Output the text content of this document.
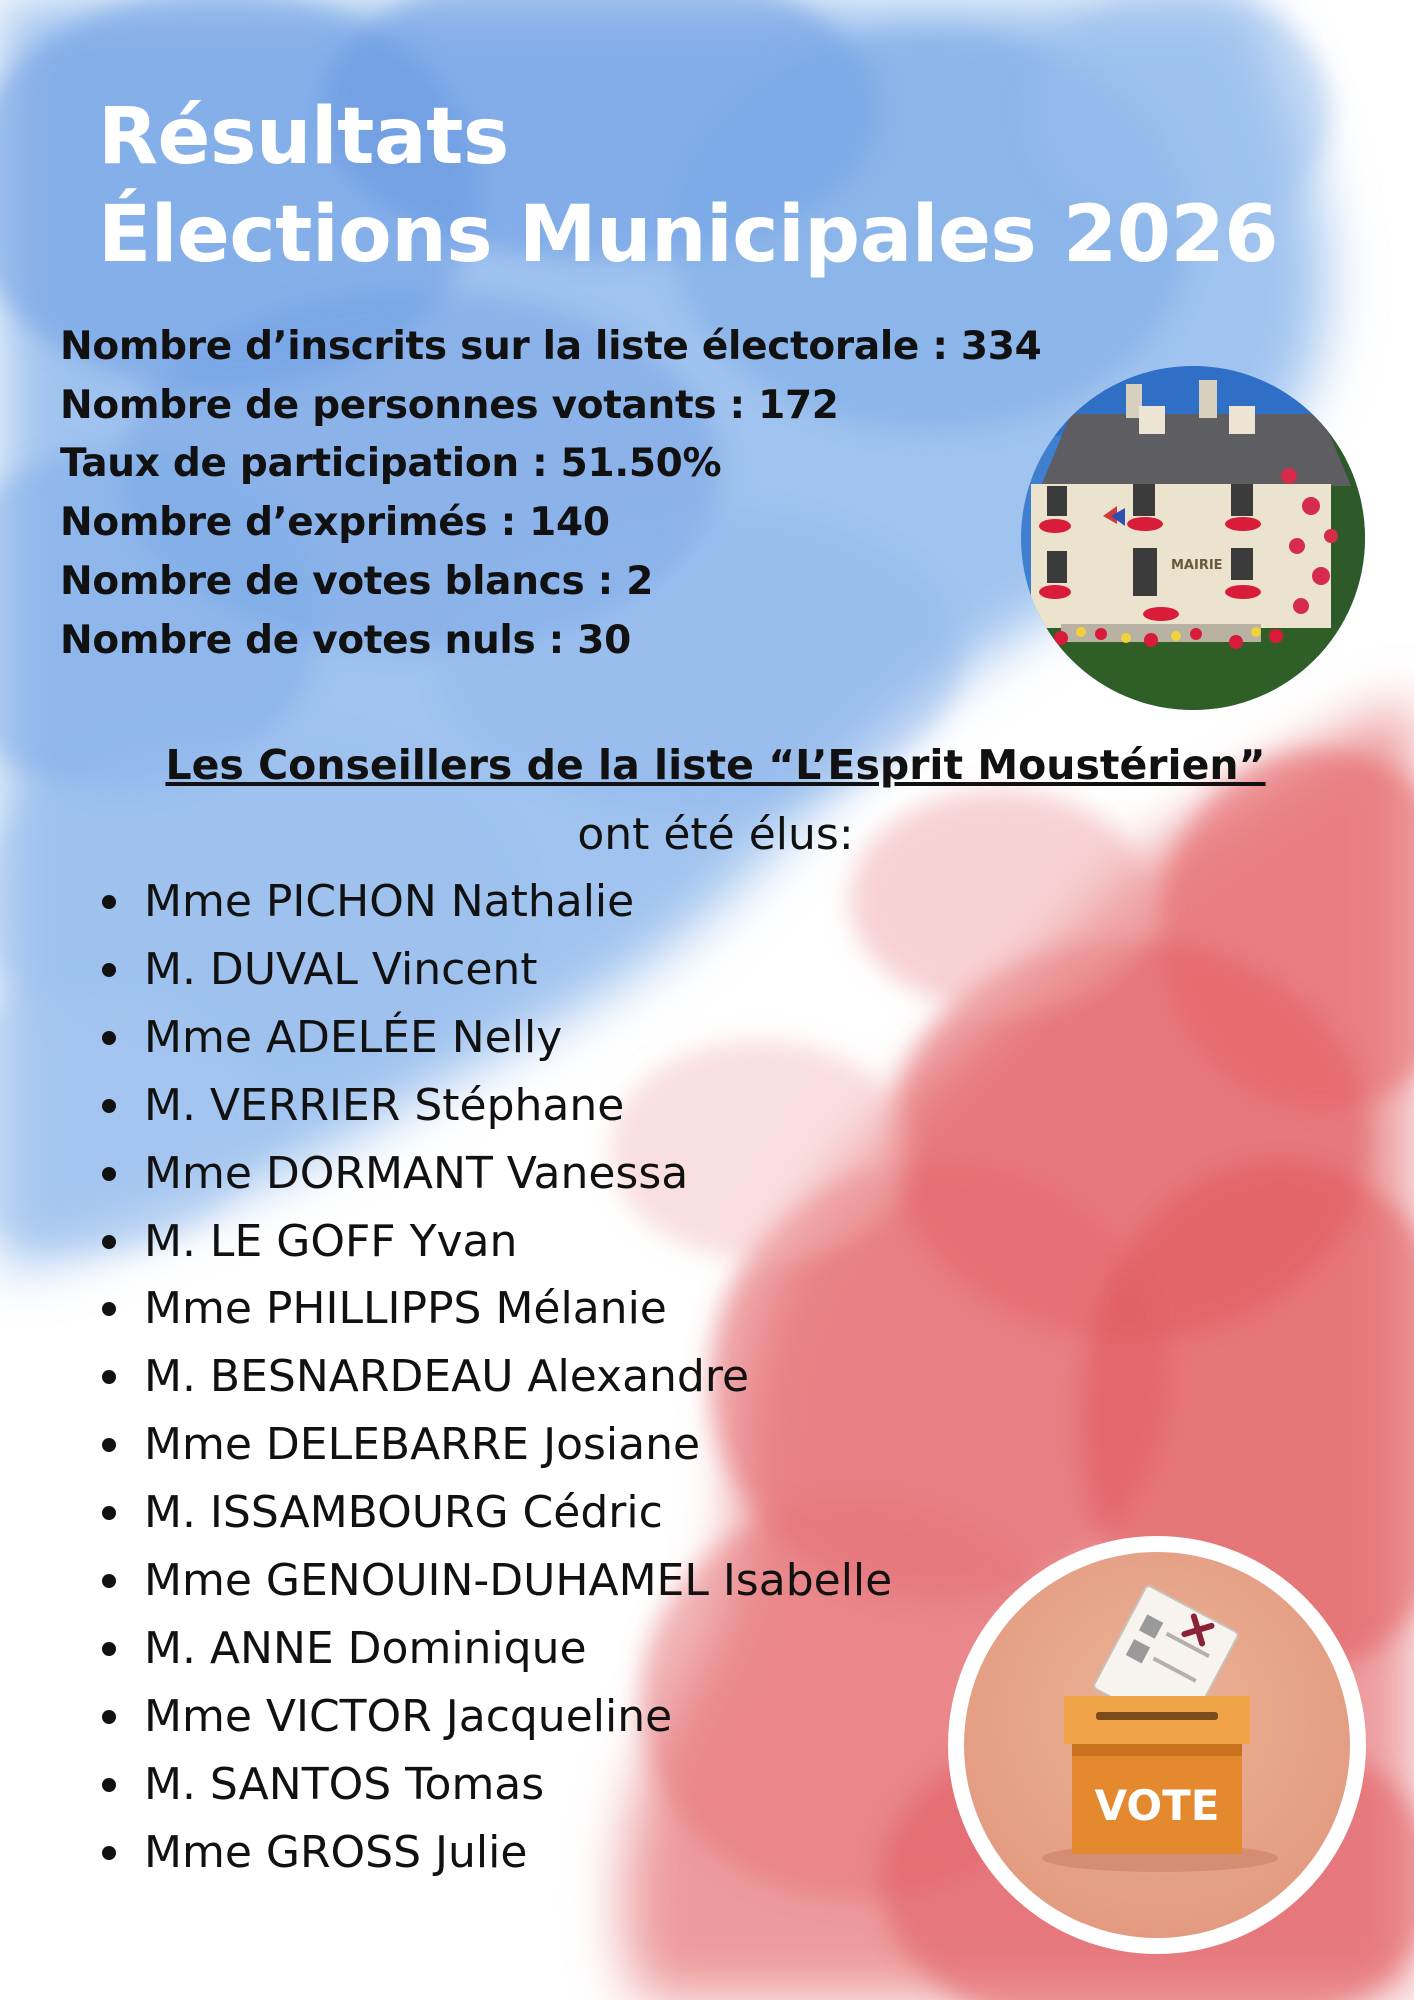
Résultats
Élections Municipales 2026
Nombre d’inscrits sur la liste électorale : 334
Nombre de personnes votants : 172
Taux de participation : 51.50%
Nombre d’exprimés : 140
Nombre de votes blancs : 2
Nombre de votes nuls : 30
MAIRIE
Les Conseillers de la liste “L’Esprit Moustérien”
ont été élus:
Mme PICHON Nathalie
M. DUVAL Vincent
Mme ADELÉE Nelly
M. VERRIER Stéphane
Mme DORMANT Vanessa
M. LE GOFF Yvan
Mme PHILLIPPS Mélanie
M. BESNARDEAU Alexandre
Mme DELEBARRE Josiane
M. ISSAMBOURG Cédric
Mme GENOUIN-DUHAMEL Isabelle
M. ANNE Dominique
Mme VICTOR Jacqueline
M. SANTOS Tomas
Mme GROSS Julie
VOTE
